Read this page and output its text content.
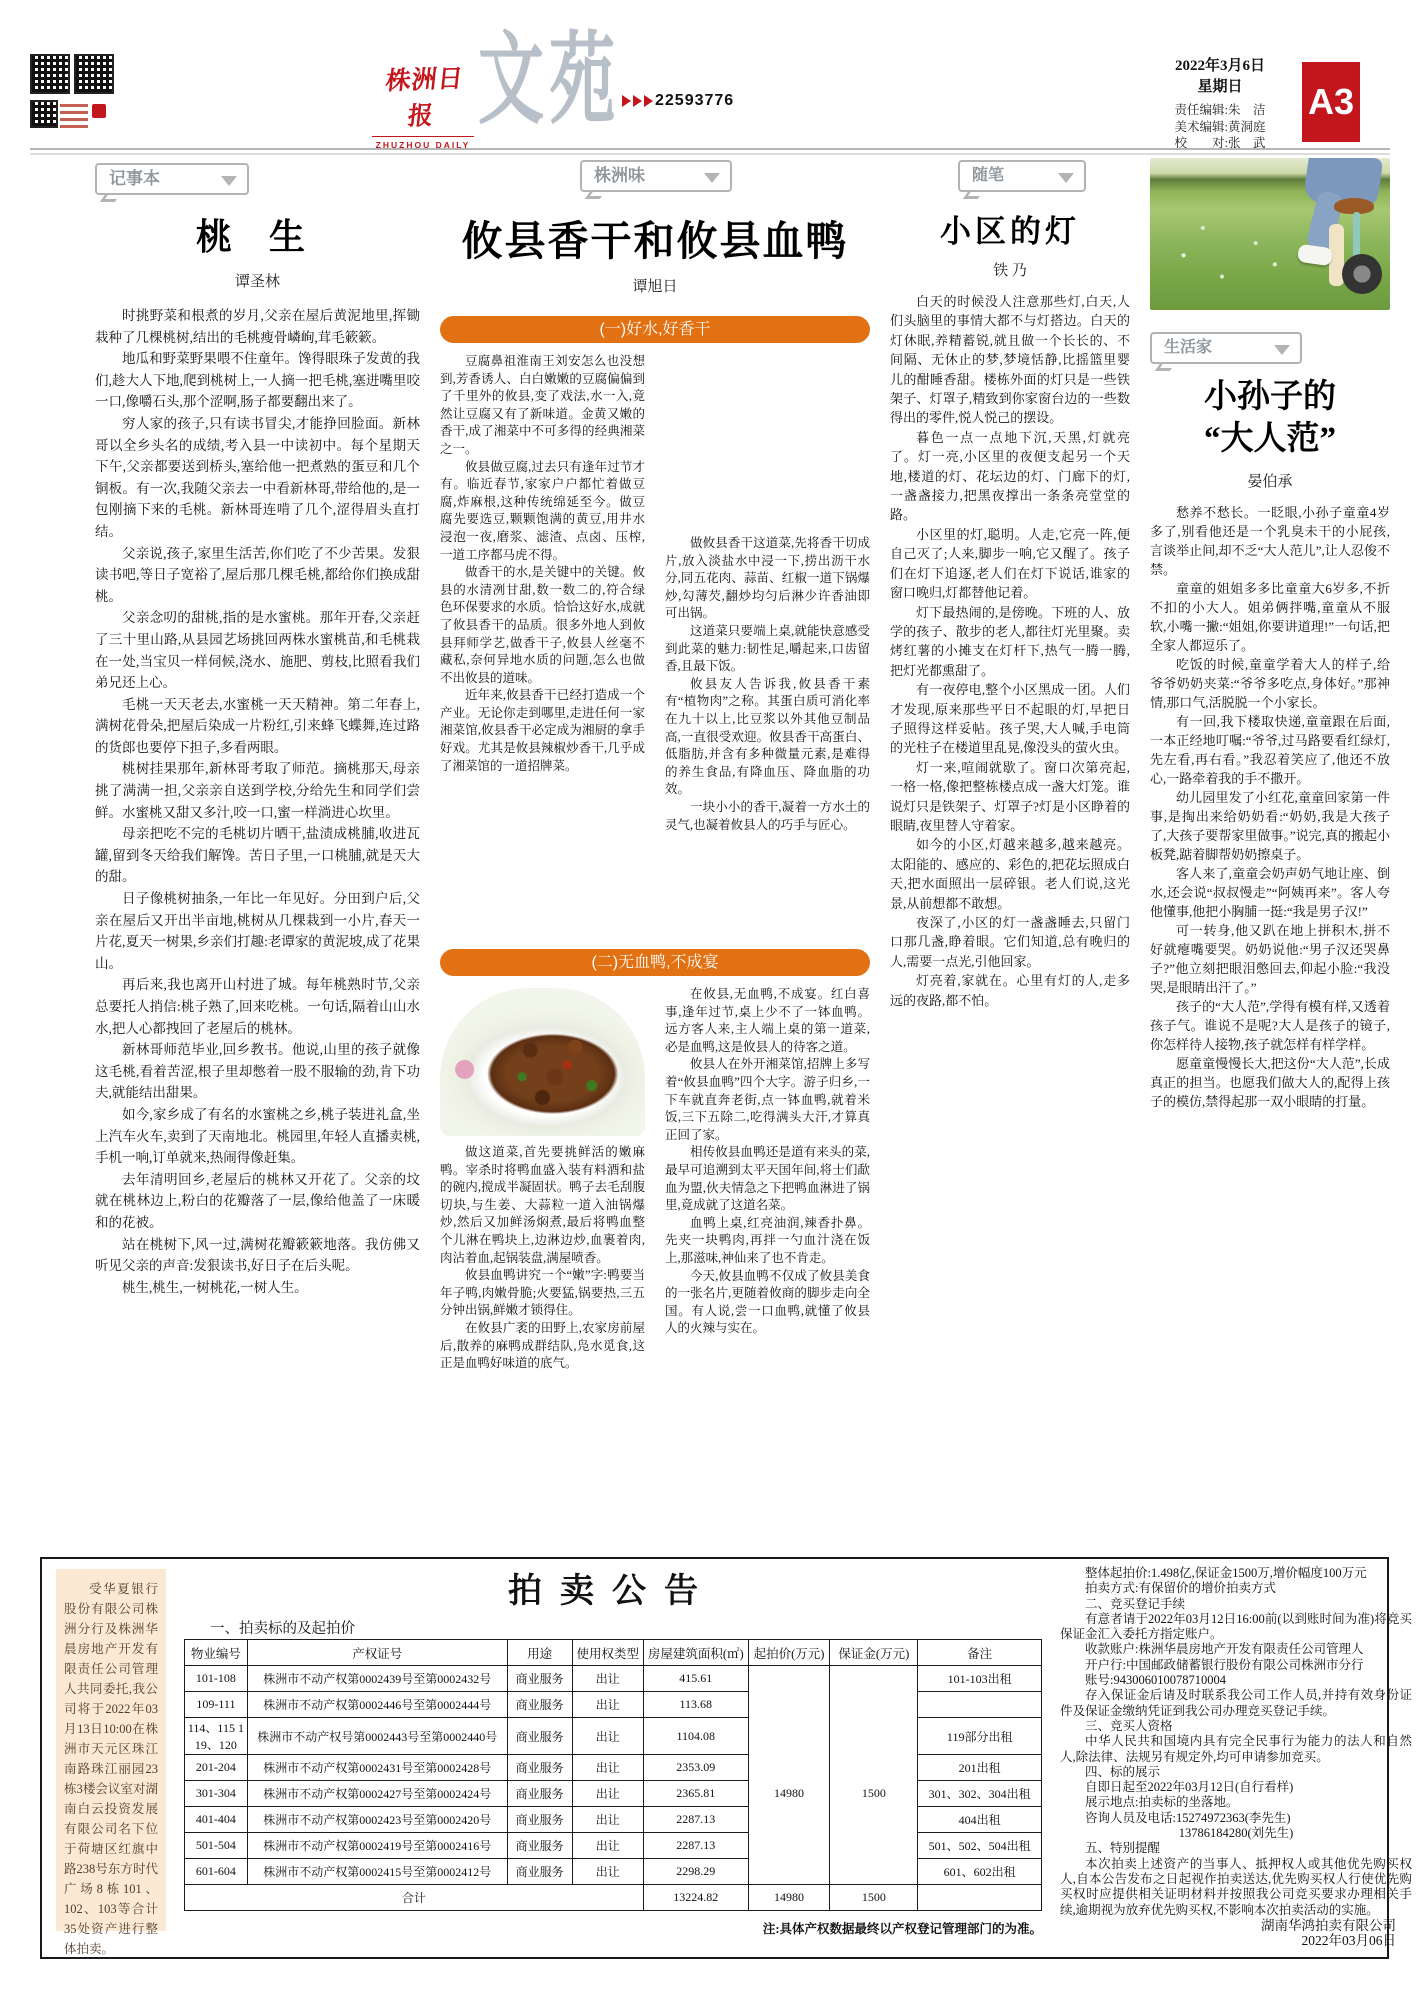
株洲日报
ZHUZHOU DAILY
文苑 22593776
2022年3月6日
星期日
责任编辑:朱　洁
美术编辑:黄洞庭
校　　对:张　武
A3
记事本
桃 生
谭圣林

时挑野菜和根煮的岁月,父亲在屋后黄泥地里,挥锄栽种了几棵桃树,结出的毛桃瘦骨嶙峋,茸毛簌簌。

地瓜和野菜野果喂不住童年。馋得眼珠子发黄的我们,趁大人下地,爬到桃树上,一人摘一把毛桃,塞进嘴里咬一口,像嚼石头,那个涩啊,肠子都要翻出来了。

穷人家的孩子,只有读书冒尖,才能挣回脸面。新林哥以全乡头名的成绩,考入县一中读初中。每个星期天下午,父亲都要送到桥头,塞给他一把煮熟的蛋豆和几个铜板。有一次,我随父亲去一中看新林哥,带给他的,是一包刚摘下来的毛桃。新林哥连啃了几个,涩得眉头直打结。

父亲说,孩子,家里生活苦,你们吃了不少苦果。发狠读书吧,等日子宽裕了,屋后那几棵毛桃,都给你们换成甜桃。

父亲念叨的甜桃,指的是水蜜桃。那年开春,父亲赶了三十里山路,从县园艺场挑回两株水蜜桃苗,和毛桃栽在一处,当宝贝一样伺候,浇水、施肥、剪枝,比照看我们弟兄还上心。

毛桃一天天老去,水蜜桃一天天精神。第二年春上,满树花骨朵,把屋后染成一片粉红,引来蜂飞蝶舞,连过路的货郎也要停下担子,多看两眼。

桃树挂果那年,新林哥考取了师范。摘桃那天,母亲挑了满满一担,父亲亲自送到学校,分给先生和同学们尝鲜。水蜜桃又甜又多汁,咬一口,蜜一样淌进心坎里。

母亲把吃不完的毛桃切片晒干,盐渍成桃脯,收进瓦罐,留到冬天给我们解馋。苦日子里,一口桃脯,就是天大的甜。

日子像桃树抽条,一年比一年见好。分田到户后,父亲在屋后又开出半亩地,桃树从几棵栽到一小片,春天一片花,夏天一树果,乡亲们打趣:老谭家的黄泥坡,成了花果山。

再后来,我也离开山村进了城。每年桃熟时节,父亲总要托人捎信:桃子熟了,回来吃桃。一句话,隔着山山水水,把人心都拽回了老屋后的桃林。

新林哥师范毕业,回乡教书。他说,山里的孩子就像这毛桃,看着苦涩,根子里却憋着一股不服输的劲,肯下功夫,就能结出甜果。

如今,家乡成了有名的水蜜桃之乡,桃子装进礼盒,坐上汽车火车,卖到了天南地北。桃园里,年轻人直播卖桃,手机一响,订单就来,热闹得像赶集。

去年清明回乡,老屋后的桃林又开花了。父亲的坟就在桃林边上,粉白的花瓣落了一层,像给他盖了一床暖和的花被。

站在桃树下,风一过,满树花瓣簌簌地落。我仿佛又听见父亲的声音:发狠读书,好日子在后头呢。

桃生,桃生,一树桃花,一树人生。

株洲味
攸县香干和攸县血鸭
谭旭日
(一)好水,好香干

豆腐鼻祖淮南王刘安怎么也没想到,芳香诱人、白白嫩嫩的豆腐偏偏到了千里外的攸县,变了戏法,水一入,竟然让豆腐又有了新味道。金黄又嫩的香干,成了湘菜中不可多得的经典湘菜之一。

攸县做豆腐,过去只有逢年过节才有。临近春节,家家户户都忙着做豆腐,炸麻根,这种传统绵延至今。做豆腐先要选豆,颗颗饱满的黄豆,用井水浸泡一夜,磨浆、滤渣、点卤、压榨,一道工序都马虎不得。

做香干的水,是关键中的关键。攸县的水清冽甘甜,数一数二的,符合绿色环保要求的水质。恰恰这好水,成就了攸县香干的品质。很多外地人到攸县拜师学艺,做香干子,攸县人丝毫不藏私,奈何异地水质的问题,怎么也做不出攸县的道味。

近年来,攸县香干已经打造成一个产业。无论你走到哪里,走进任何一家湘菜馆,攸县香干必定成为湘厨的拿手好戏。尤其是攸县辣椒炒香干,几乎成了湘菜馆的一道招牌菜。

做攸县香干这道菜,先将香干切成片,放入淡盐水中浸一下,捞出沥干水分,同五花肉、蒜苗、红椒一道下锅爆炒,勾薄芡,翻炒均匀后淋少许香油即可出锅。

这道菜只要端上桌,就能快意感受到此菜的魅力:韧性足,嚼起来,口齿留香,且最下饭。

攸县友人告诉我,攸县香干素有“植物肉”之称。其蛋白质可消化率在九十以上,比豆浆以外其他豆制品高,一直很受欢迎。攸县香干高蛋白、低脂肪,并含有多种微量元素,是难得的养生食品,有降血压、降血脂的功效。

一块小小的香干,凝着一方水土的灵气,也凝着攸县人的巧手与匠心。

(二)无血鸭,不成宴

做这道菜,首先要挑鲜活的嫩麻鸭。宰杀时将鸭血盛入装有料酒和盐的碗内,搅成半凝固状。鸭子去毛刮腹切块,与生姜、大蒜粒一道入油锅爆炒,然后又加鲜汤焖煮,最后将鸭血整个儿淋在鸭块上,边淋边炒,血裹着肉,肉沾着血,起锅装盘,满屋喷香。

攸县血鸭讲究一个“嫩”字:鸭要当年子鸭,肉嫩骨脆;火要猛,锅要热,三五分钟出锅,鲜嫩才锁得住。

在攸县广袤的田野上,农家房前屋后,散养的麻鸭成群结队,凫水觅食,这正是血鸭好味道的底气。

在攸县,无血鸭,不成宴。红白喜事,逢年过节,桌上少不了一钵血鸭。远方客人来,主人端上桌的第一道菜,必是血鸭,这是攸县人的待客之道。

攸县人在外开湘菜馆,招牌上多写着“攸县血鸭”四个大字。游子归乡,一下车就直奔老街,点一钵血鸭,就着米饭,三下五除二,吃得满头大汗,才算真正回了家。

相传攸县血鸭还是道有来头的菜,最早可追溯到太平天国年间,将士们歃血为盟,伙夫情急之下把鸭血淋进了锅里,竟成就了这道名菜。

血鸭上桌,红亮油润,辣香扑鼻。先夹一块鸭肉,再拌一勺血汁浇在饭上,那滋味,神仙来了也不肯走。

今天,攸县血鸭不仅成了攸县美食的一张名片,更随着攸商的脚步走向全国。有人说,尝一口血鸭,就懂了攸县人的火辣与实在。

随笔
小区的灯
铁 乃

白天的时候没人注意那些灯,白天,人们头脑里的事情大都不与灯搭边。白天的灯休眠,养精蓄锐,就且做一个长长的、不间隔、无休止的梦,梦境恬静,比摇篮里婴儿的酣睡香甜。楼栋外面的灯只是一些铁架子、灯罩子,精致到你家窗台边的一些数得出的零件,悦人悦己的摆设。

暮色一点一点地下沉,天黑,灯就亮了。灯一亮,小区里的夜便支起另一个天地,楼道的灯、花坛边的灯、门廊下的灯,一盏盏接力,把黑夜撑出一条条亮堂堂的路。

小区里的灯,聪明。人走,它亮一阵,便自己灭了;人来,脚步一响,它又醒了。孩子们在灯下追逐,老人们在灯下说话,谁家的窗口晚归,灯都替他记着。

灯下最热闹的,是傍晚。下班的人、放学的孩子、散步的老人,都往灯光里聚。卖烤红薯的小摊支在灯杆下,热气一腾一腾,把灯光都熏甜了。

有一夜停电,整个小区黑成一团。人们才发现,原来那些平日不起眼的灯,早把日子照得这样妥帖。孩子哭,大人喊,手电筒的光柱子在楼道里乱晃,像没头的萤火虫。

灯一来,喧闹就歇了。窗口次第亮起,一格一格,像把整栋楼点成一盏大灯笼。谁说灯只是铁架子、灯罩子?灯是小区睁着的眼睛,夜里替人守着家。

如今的小区,灯越来越多,越来越亮。太阳能的、感应的、彩色的,把花坛照成白天,把水面照出一层碎银。老人们说,这光景,从前想都不敢想。

夜深了,小区的灯一盏盏睡去,只留门口那几盏,睁着眼。它们知道,总有晚归的人,需要一点光,引他回家。

灯亮着,家就在。心里有灯的人,走多远的夜路,都不怕。

生活家
小孙子的
“大人范”
晏伯承

愁养不愁长。一眨眼,小孙子童童4岁多了,别看他还是一个乳臭未干的小屁孩,言谈举止间,却不乏“大人范儿”,让人忍俊不禁。

童童的姐姐多多比童童大6岁多,不折不扣的小大人。姐弟俩拌嘴,童童从不服软,小嘴一撇:“姐姐,你要讲道理!”一句话,把全家人都逗乐了。

吃饭的时候,童童学着大人的样子,给爷爷奶奶夹菜:“爷爷多吃点,身体好。”那神情,那口气,活脱脱一个小家长。

有一回,我下楼取快递,童童跟在后面,一本正经地叮嘱:“爷爷,过马路要看红绿灯,先左看,再右看。”我忍着笑应了,他还不放心,一路牵着我的手不撒开。

幼儿园里发了小红花,童童回家第一件事,是掏出来给奶奶看:“奶奶,我是大孩子了,大孩子要帮家里做事。”说完,真的搬起小板凳,踮着脚帮奶奶擦桌子。

客人来了,童童会奶声奶气地让座、倒水,还会说“叔叔慢走”“阿姨再来”。客人夸他懂事,他把小胸脯一挺:“我是男子汉!”

可一转身,他又趴在地上拼积木,拼不好就瘪嘴要哭。奶奶说他:“男子汉还哭鼻子?”他立刻把眼泪憋回去,仰起小脸:“我没哭,是眼睛出汗了。”

孩子的“大人范”,学得有模有样,又透着孩子气。谁说不是呢?大人是孩子的镜子,你怎样待人接物,孩子就怎样有样学样。

愿童童慢慢长大,把这份“大人范”,长成真正的担当。也愿我们做大人的,配得上孩子的模仿,禁得起那一双小眼睛的打量。

受华夏银行股份有限公司株洲分行及株洲华晨房地产开发有限责任公司管理人共同委托,我公司将于2022年03月13日10:00在株洲市天元区珠江南路珠江丽园23栋3楼会议室对湖南白云投资发展有限公司名下位于荷塘区红旗中路238号东方时代广场8栋101、102、103等合计35处资产进行整体拍卖。
拍卖公告
一、拍卖标的及起拍价
物业编号	产权证号	用途	使用权类型	房屋建筑面积(㎡)	起拍价(万元)	保证金(万元)	备注
101-108	株洲市不动产权第0002439号至第0002432号	商业服务	出让	415.61			101-103出租
109-111	株洲市不动产权第0002446号至第0002444号	商业服务	出让	113.68			
114、115 119、120	株洲市不动产权号第0002443号至第0002440号	商业服务	出让	1104.08			119部分出租
201-204	株洲市不动产权第0002431号至第0002428号	商业服务	出让	2353.09			201出租
301-304	株洲市不动产权第0002427号至第0002424号	商业服务	出让	2365.81	14980	1500	301、302、304出租
401-404	株洲市不动产权第0002423号至第0002420号	商业服务	出让	2287.13			404出租
501-504	株洲市不动产权第0002419号至第0002416号	商业服务	出让	2287.13			501、502、504出租
601-604	株洲市不动产权第0002415号至第0002412号	商业服务	出让	2298.29			601、602出租
合计				13224.82	14980	1500	
注:具体产权数据最终以产权登记管理部门的为准。

整体起拍价:1.498亿,保证金1500万,增价幅度100万元

拍卖方式:有保留价的增价拍卖方式

二、竞买登记手续

有意者请于2022年03月12日16:00前(以到账时间为准)将竞买保证金汇入委托方指定账户。

收款账户:株洲华晨房地产开发有限责任公司管理人

开户行:中国邮政储蓄银行股份有限公司株洲市分行

账号:943006010078710004

存入保证金后请及时联系我公司工作人员,并持有效身份证件及保证金缴纳凭证到我公司办理竞买登记手续。

三、竞买人资格

中华人民共和国境内具有完全民事行为能力的法人和自然人,除法律、法规另有规定外,均可申请参加竞买。

四、标的展示

自即日起至2022年03月12日(自行看样)

展示地点:拍卖标的坐落地。

咨询人员及电话:15274972363(李先生)

13786184280(刘先生)

五、特别提醒

本次拍卖上述资产的当事人、抵押权人或其他优先购买权人,自本公告发布之日起视作拍卖送达,优先购买权人行使优先购买权时应提供相关证明材料并按照我公司竞买要求办理相关手续,逾期视为放弃优先购买权,不影响本次拍卖活动的实施。

湖南华鸿拍卖有限公司

2022年03月06日
